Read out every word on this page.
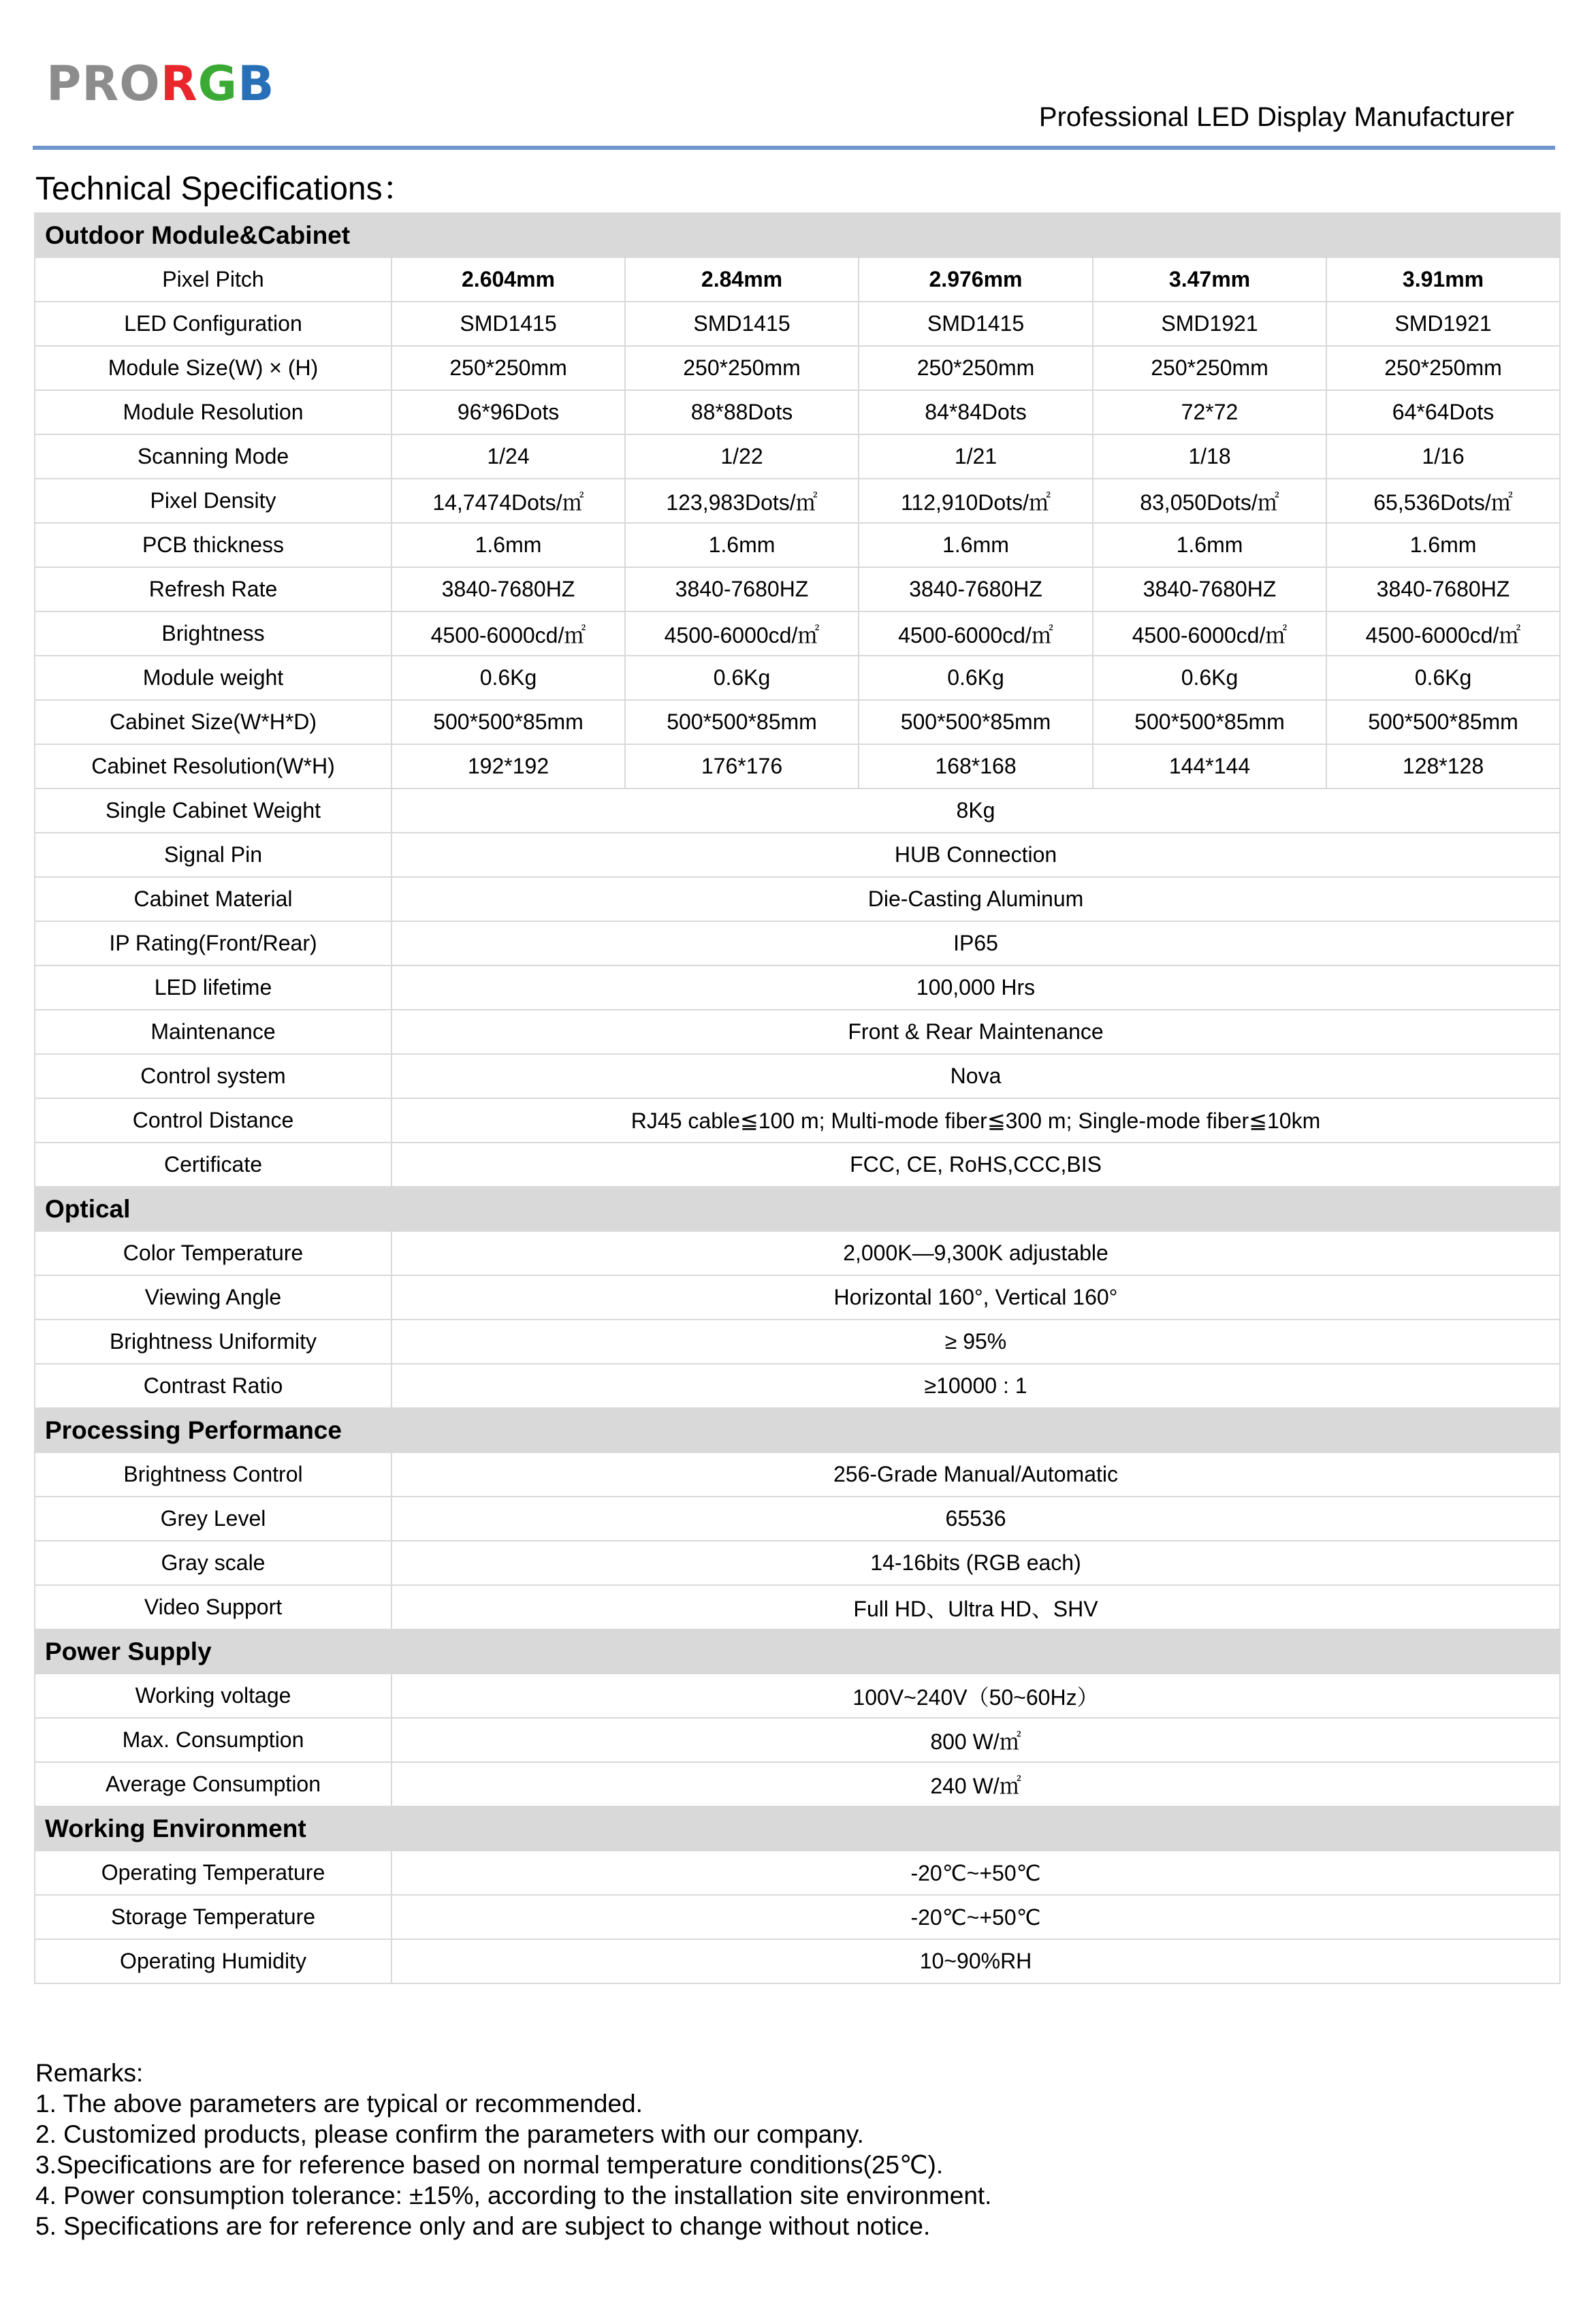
PRORGB
Professional LED Display Manufacturer
Technical Specifications：
Outdoor Module&Cabinet					
Pixel Pitch	2.604mm	2.84mm	2.976mm	3.47mm	3.91mm
LED Configuration	SMD1415	SMD1415	SMD1415	SMD1921	SMD1921
Module Size(W) × (H)	250*250mm	250*250mm	250*250mm	250*250mm	250*250mm
Module Resolution	96*96Dots	88*88Dots	84*84Dots	72*72	64*64Dots
Scanning Mode	1/24	1/22	1/21	1/18	1/16
Pixel Density	14,7474Dots/㎡	123,983Dots/㎡	112,910Dots/㎡	83,050Dots/㎡	65,536Dots/㎡
PCB thickness	1.6mm	1.6mm	1.6mm	1.6mm	1.6mm
Refresh Rate	3840-7680HZ	3840-7680HZ	3840-7680HZ	3840-7680HZ	3840-7680HZ
Brightness	4500-6000cd/㎡	4500-6000cd/㎡	4500-6000cd/㎡	4500-6000cd/㎡	4500-6000cd/㎡
Module weight	0.6Kg	0.6Kg	0.6Kg	0.6Kg	0.6Kg
Cabinet Size(W*H*D)	500*500*85mm	500*500*85mm	500*500*85mm	500*500*85mm	500*500*85mm
Cabinet Resolution(W*H)	192*192	176*176	168*168	144*144	128*128
Single Cabinet Weight	8Kg				
Signal Pin	HUB Connection				
Cabinet Material	Die-Casting Aluminum				
IP Rating(Front/Rear)	IP65				
LED lifetime	100,000 Hrs				
Maintenance	Front & Rear Maintenance				
Control system	Nova				
Control Distance	RJ45 cable≦100 m; Multi-mode fiber≦300 m; Single-mode fiber≦10km				
Certificate	FCC, CE, RoHS,CCC,BIS				
Optical					
Color Temperature	2,000K—9,300K adjustable				
Viewing Angle	Horizontal 160°, Vertical 160°				
Brightness Uniformity	≥ 95%				
Contrast Ratio	≥10000 : 1				
Processing Performance					
Brightness Control	256-Grade Manual/Automatic				
Grey Level	65536				
Gray scale	14-16bits (RGB each)				
Video Support	Full HD、Ultra HD、SHV				
Power Supply					
Working voltage	100V~240V（50~60Hz）				
Max. Consumption	800 W/㎡				
Average Consumption	240 W/㎡				
Working Environment					
Operating Temperature	-20℃~+50℃				
Storage Temperature	-20℃~+50℃				
Operating Humidity	10~90%RH				
Remarks:
1. The above parameters are typical or recommended.
2. Customized products, please confirm the parameters with our company.
3.Specifications are for reference based on normal temperature conditions(25℃).
4. Power consumption tolerance: ±15%, according to the installation site environment.
5. Specifications are for reference only and are subject to change without notice.
